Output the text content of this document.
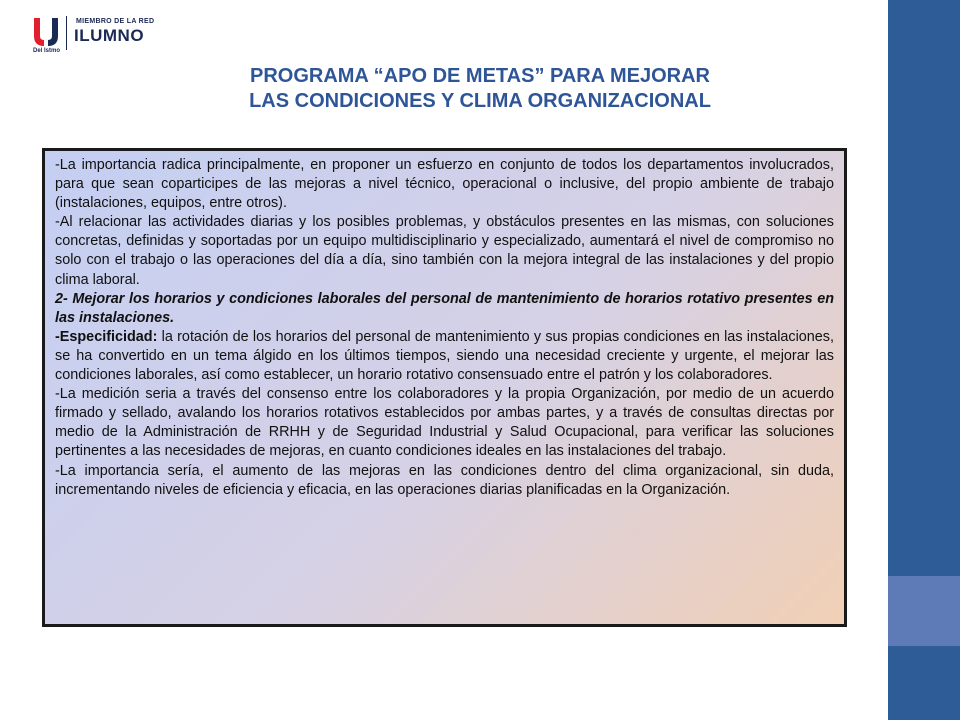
MIEMBRO DE LA RED
ILUMNO
Del Istmo
PROGRAMA “APO DE METAS” PARA MEJORAR
LAS CONDICIONES Y CLIMA ORGANIZACIONAL

-La importancia radica principalmente, en proponer un esfuerzo en conjunto de todos los departamentos involucrados, para que sean coparticipes de las mejoras a nivel técnico, operacional o inclusive, del propio ambiente de trabajo (instalaciones, equipos, entre otros).

-Al relacionar las actividades diarias y los posibles problemas, y obstáculos presentes en las mismas, con soluciones concretas, definidas y soportadas por un equipo multidisciplinario y especializado, aumentará el nivel de compromiso no solo con el trabajo o las operaciones del día a día, sino también con la mejora integral de las instalaciones y del propio clima laboral.

2- Mejorar los horarios y condiciones laborales del personal de mantenimiento de horarios rotativo presentes en las instalaciones.

-Especificidad: la rotación de los horarios del personal de mantenimiento y sus propias condiciones en las instalaciones, se ha convertido en un tema álgido en los últimos tiempos, siendo una necesidad creciente y urgente, el mejorar las condiciones laborales, así como establecer, un horario rotativo consensuado entre el patrón y los colaboradores.

-La medición seria a través del consenso entre los colaboradores y la propia Organización, por medio de un acuerdo firmado y sellado, avalando los horarios rotativos establecidos por ambas partes, y a través de consultas directas por medio de la Administración de RRHH y de Seguridad Industrial y Salud Ocupacional, para verificar las soluciones pertinentes a las necesidades de mejoras, en cuanto condiciones ideales en las instalaciones del trabajo.

-La importancia sería, el aumento de las mejoras en las condiciones dentro del clima organizacional, sin duda, incrementando niveles de eficiencia y eficacia, en las operaciones diarias planificadas en la Organización.
